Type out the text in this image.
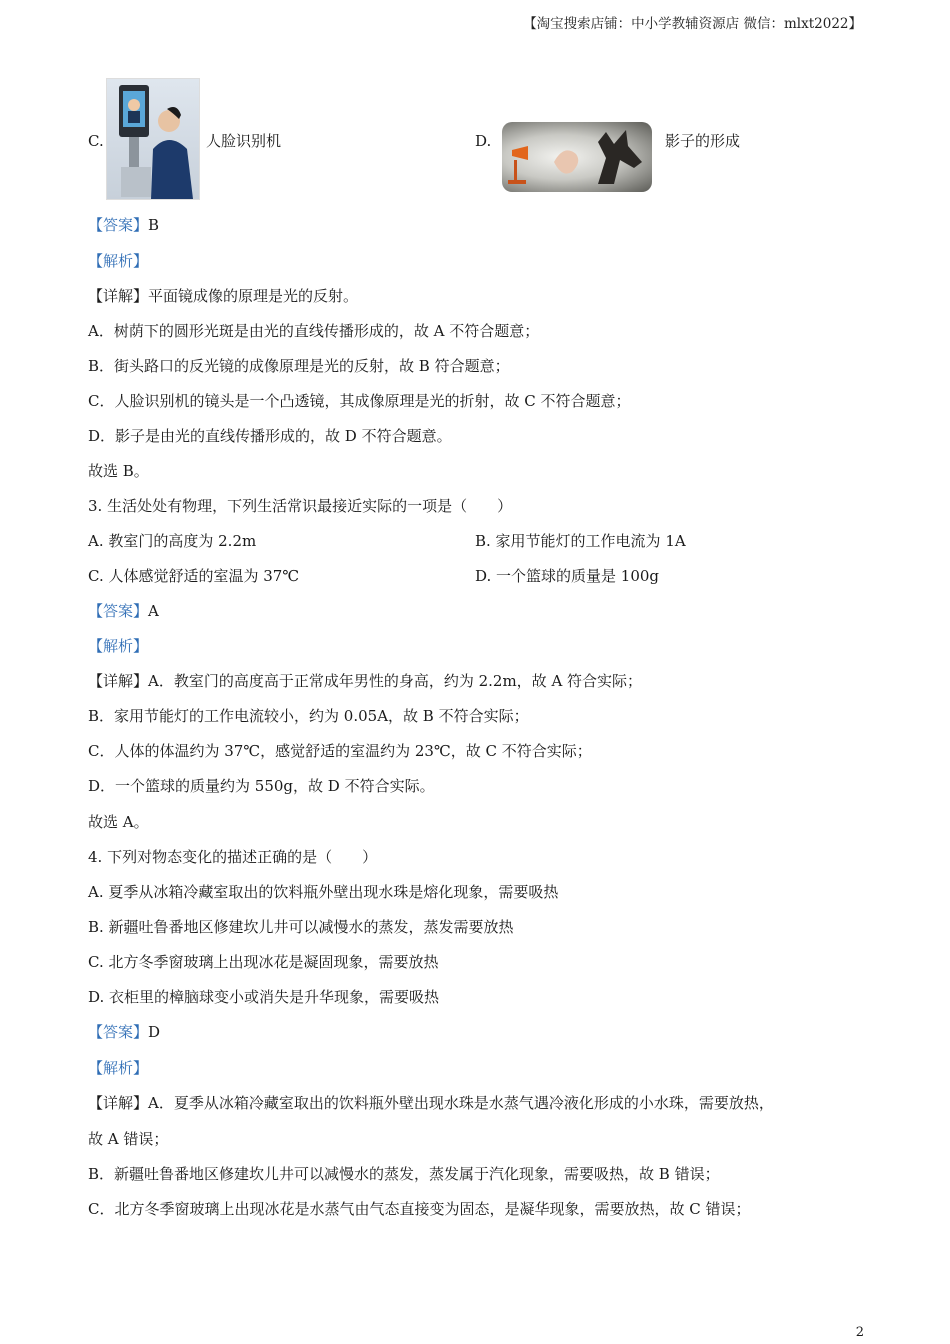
【淘宝搜索店铺：中小学教辅资源店 微信：mlxt2022】
C.	人脸识别机	D.	影子的形成
【答案】B
【解析】
【详解】平面镜成像的原理是光的反射。
A．树荫下的圆形光斑是由光的直线传播形成的，故 A 不符合题意；
B．街头路口的反光镜的成像原理是光的反射，故 B 符合题意；
C．人脸识别机的镜头是一个凸透镜，其成像原理是光的折射，故 C 不符合题意；
D．影子是由光的直线传播形成的，故 D 不符合题意。
故选 B。
3. 生活处处有物理，下列生活常识最接近实际的一项是（　　）
A. 教室门的高度为 2.2m	B. 家用节能灯的工作电流为 1A
C. 人体感觉舒适的室温为 37℃	D. 一个篮球的质量是 100g
【答案】A
【解析】
【详解】A．教室门的高度高于正常成年男性的身高，约为 2.2m，故 A 符合实际；
B．家用节能灯的工作电流较小，约为 0.05A，故 B 不符合实际；
C．人体的体温约为 37℃，感觉舒适的室温约为 23℃，故 C 不符合实际；
D．一个篮球的质量约为 550g，故 D 不符合实际。
故选 A。
4. 下列对物态变化的描述正确的是（　　）
A. 夏季从冰箱冷藏室取出的饮料瓶外壁出现水珠是熔化现象，需要吸热
B. 新疆吐鲁番地区修建坎儿井可以减慢水的蒸发，蒸发需要放热
C. 北方冬季窗玻璃上出现冰花是凝固现象，需要放热
D. 衣柜里的樟脑球变小或消失是升华现象，需要吸热
【答案】D
【解析】
【详解】A．夏季从冰箱冷藏室取出的饮料瓶外壁出现水珠是水蒸气遇冷液化形成的小水珠，需要放热，
故 A 错误；
B．新疆吐鲁番地区修建坎儿井可以减慢水的蒸发，蒸发属于汽化现象，需要吸热，故 B 错误；
C．北方冬季窗玻璃上出现冰花是水蒸气由气态直接变为固态，是凝华现象，需要放热，故 C 错误；
2
